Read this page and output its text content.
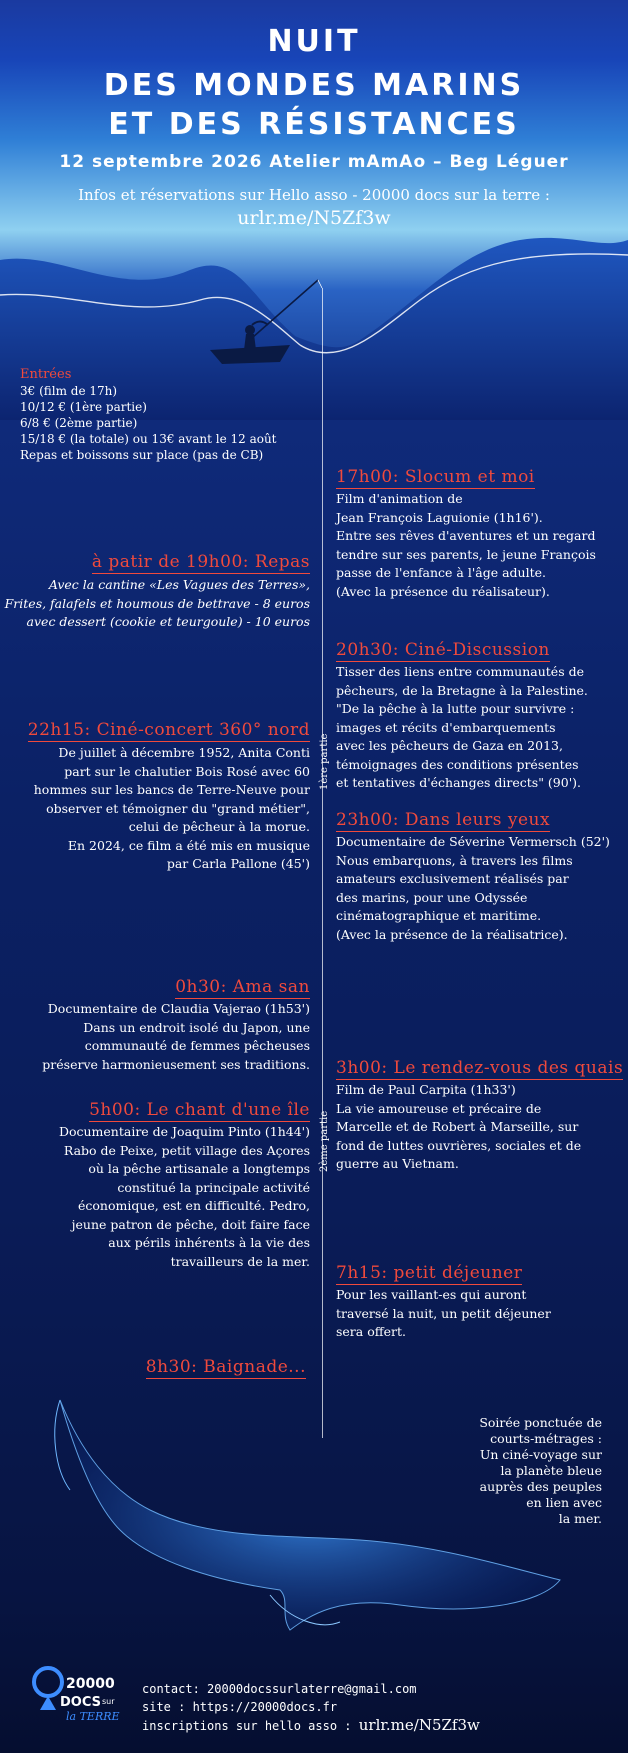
NUIT
DES MONDES MARINS
ET DES RÉSISTANCES
12 septembre 2026 Atelier mAmAo – Beg Léguer
Infos et réservations sur Hello asso - 20000 docs sur la terre :
urlr.me/N5Zf3w
Entrées
3€ (film de 17h)
10/12 € (1ère partie)
6/8 € (2ème partie)
15/18 € (la totale) ou 13€ avant le 12 août
Repas et boissons sur place (pas de CB)
1ère partie
2ème partie
17h00: Slocum et moi
Film d'animation de
Jean François Laguionie (1h16').
Entre ses rêves d'aventures et un regard
tendre sur ses parents, le jeune François
passe de l'enfance à l'âge adulte.
(Avec la présence du réalisateur).
à patir de 19h00: Repas
Avec la cantine «Les Vagues des Terres»,
Frites, falafels et houmous de bettrave - 8 euros
avec dessert (cookie et teurgoule) - 10 euros
20h30: Ciné-Discussion
Tisser des liens entre communautés de
pêcheurs, de la Bretagne à la Palestine.
"De la pêche à la lutte pour survivre :
images et récits d'embarquements
avec les pêcheurs de Gaza en 2013,
témoignages des conditions présentes
et tentatives d'échanges directs" (90').
22h15: Ciné-concert 360° nord
De juillet à décembre 1952, Anita Conti
part sur le chalutier Bois Rosé avec 60
hommes sur les bancs de Terre-Neuve pour
observer et témoigner du "grand métier",
celui de pêcheur à la morue.
En 2024, ce film a été mis en musique
par Carla Pallone (45')
23h00: Dans leurs yeux
Documentaire de Séverine Vermersch (52')
Nous embarquons, à travers les films
amateurs exclusivement réalisés par
des marins, pour une Odyssée
cinématographique et maritime.
(Avec la présence de la réalisatrice).
0h30: Ama san
Documentaire de Claudia Vajerao (1h53')
Dans un endroit isolé du Japon, une
communauté de femmes pêcheuses
préserve harmonieusement ses traditions. 3h00: Le rendez-vous des quais
Film de Paul Carpita (1h33')
La vie amoureuse et précaire de
Marcelle et de Robert à Marseille, sur
fond de luttes ouvrières, sociales et de
guerre au Vietnam.
5h00: Le chant d'une île
Documentaire de Joaquim Pinto (1h44')
Rabo de Peixe, petit village des Açores
où la pêche artisanale a longtemps
constitué la principale activité
économique, est en difficulté. Pedro,
jeune patron de pêche, doit faire face
aux périls inhérents à la vie des
travailleurs de la mer.
7h15: petit déjeuner
Pour les vaillant-es qui auront
traversé la nuit, un petit déjeuner
sera offert.
8h30: Baignade...
Soirée ponctuée de
courts-métrages :
Un ciné-voyage sur
la planète bleue
auprès des peuples
en lien avec
la mer.
20000
DOCS sur
la TERRE
contact: 20000docssurlaterre@gmail.com
site : https://20000docs.fr
inscriptions sur hello asso : urlr.me/N5Zf3w
